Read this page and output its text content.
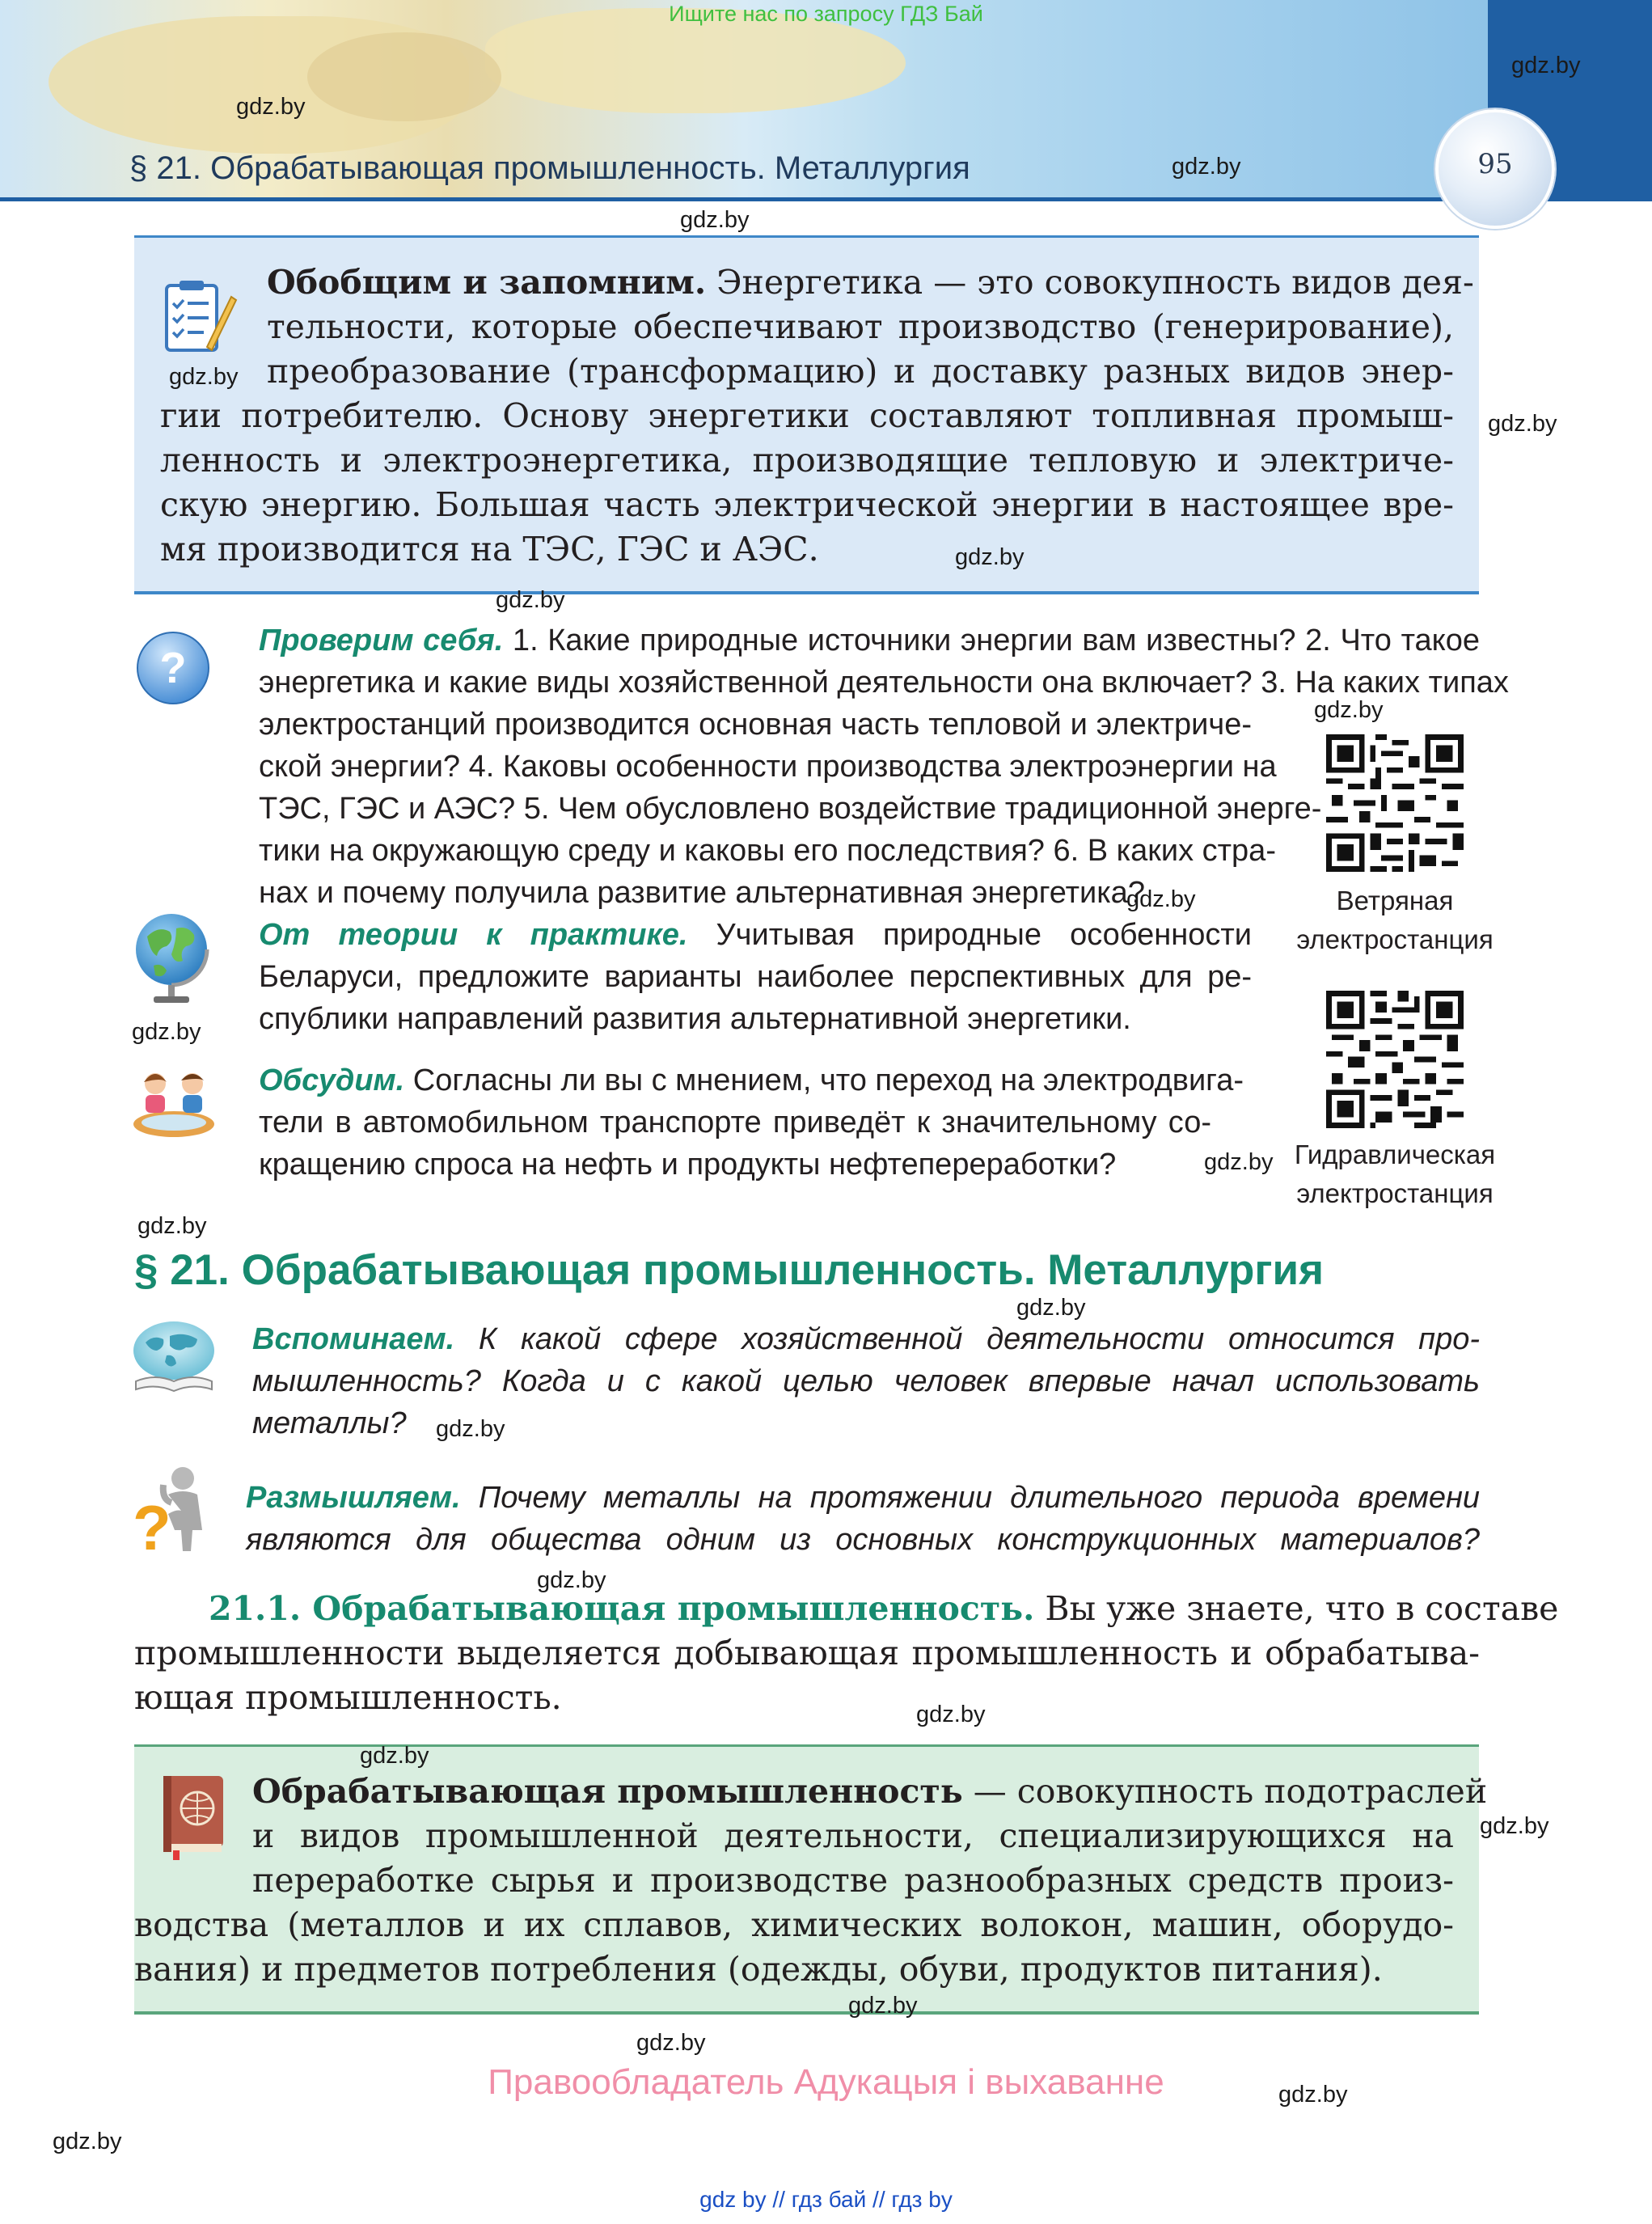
Ищите нас по запросу ГДЗ Бай
§ 21. Обрабатывающая промышленность. Металлургия	95
Обобщим и запомним. Энергетика — это совокупность видов дея-
тельности, которые обеспечивают производство (генерирование),
преобразование (трансформацию) и доставку разных видов энер-
гии потребителю. Основу энергетики составляют топливная промыш-
ленность и электроэнергетика, производящие тепловую и электриче-
скую энергию. Большая часть электрической энергии в настоящее вре-
мя производится на ТЭС, ГЭС и АЭС.
?
Проверим себя. 1. Какие природные источники энергии вам известны? 2. Что такое
энергетика и какие виды хозяйственной деятельности она включает? 3. На каких типах
электростанций производится основная часть тепловой и электриче-
ской энергии? 4. Каковы особенности производства электроэнергии на
ТЭС, ГЭС и АЭС? 5. Чем обусловлено воздействие традиционной энерге-
тики на окружающую среду и каковы его последствия? 6. В каких стра-
нах и почему получила развитие альтернативная энергетика?	Ветряная
электростанция
Гидравлическая
электростанция
От теории к практике. Учитывая природные особенности
Беларуси, предложите варианты наиболее перспективных для ре-
спублики направлений развития альтернативной энергетики.
Обсудим. Согласны ли вы с мнением, что переход на электродвига-
тели в автомобильном транспорте приведёт к значительному со-
кращению спроса на нефть и продукты нефтепереработки?
§ 21. Обрабатывающая промышленность. Металлургия
Вспоминаем. К какой сфере хозяйственной деятельности относится про-
мышленность? Когда и с какой целью человек впервые начал использовать
металлы?
? Размышляем. Почему металлы на протяжении длительного периода времени
являются для общества одним из основных конструкционных материалов?
21.1. Обрабатывающая промышленность. Вы уже знаете, что в составе
промышленности выделяется добывающая промышленность и обрабатыва-
ющая промышленность.
Обрабатывающая промышленность — совокупность подотраслей
и видов промышленной деятельности, специализирующихся на
переработке сырья и производстве разнообразных средств произ-
водства (металлов и их сплавов, химических волокон, машин, оборудо-
вания) и предметов потребления (одежды, обуви, продуктов питания).
Правообладатель Адукацыя і выхаванне
gdz by // гдз бай // гдз by
gdz.by
gdz.by
gdz.by
gdz.by
gdz.by
gdz.by
gdz.by
gdz.by
gdz.by
gdz.by
gdz.by
gdz.by
gdz.by
gdz.by
gdz.by
gdz.by
gdz.by
gdz.by
gdz.by
gdz.by
gdz.by
gdz.by
gdz.by
